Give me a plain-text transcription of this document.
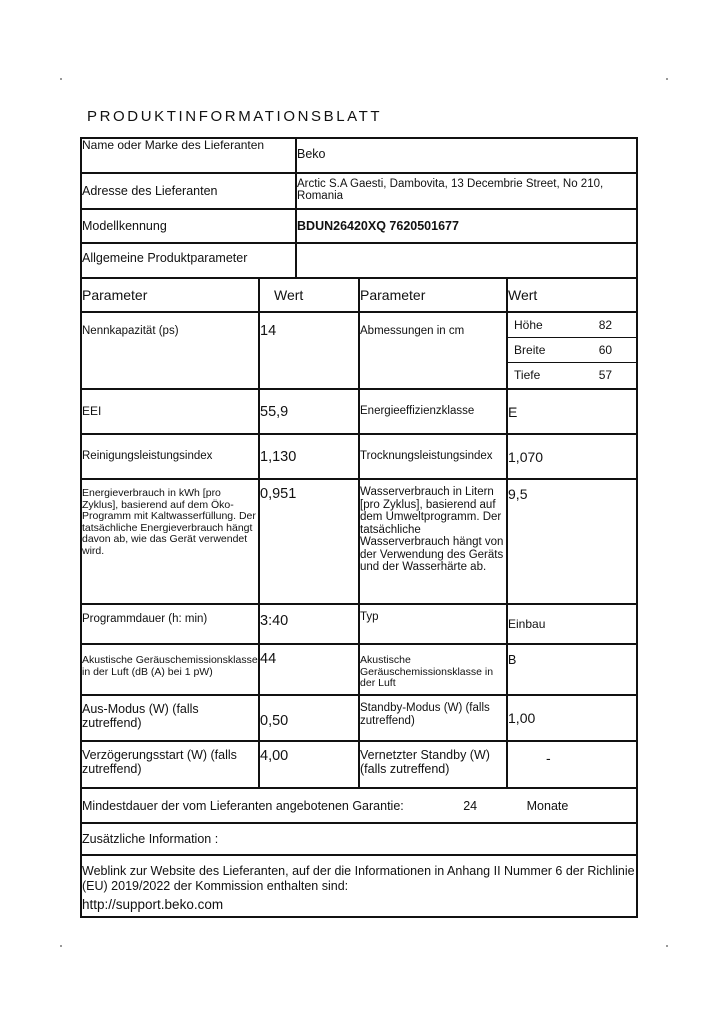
PRODUKTINFORMATIONSBLATT
Name oder Marke des Lieferanten	Beko
Adresse des Lieferanten	Arctic S.A Gaesti, Dambovita, 13 Decembrie Street, No 210, Romania
Modellkennung	BDUN26420XQ 7620501677
Allgemeine Produktparameter	
Parameter	Wert	Parameter	Wert
Nennkapazität (ps)	14	Abmessungen in cm		Höhe	82
Breite	60
Tiefe	57

EEI	55,9	Energieeffizienzklasse	E
Reinigungsleistungsindex	1,130	Trocknungsleistungsindex	1,070
Energieverbrauch in kWh [pro Zyklus], basierend auf dem Öko-Programm mit Kaltwasserfüllung. Der tatsächliche Energieverbrauch hängt davon ab, wie das Gerät verwendet wird.	0,951	Wasserverbrauch in Litern [pro Zyklus], basierend auf dem Umweltprogramm. Der tatsächliche Wasserverbrauch hängt von der Verwendung des Geräts und der Wasserhärte ab.	9,5
Programmdauer (h: min)	3:40	Typ	Einbau
Akustische Geräuschemissionsklasse in der Luft (dB (A) bei 1 pW)	44	Akustische Geräuschemissionsklasse in der Luft	B
Aus-Modus (W) (falls zutreffend)	0,50	Standby-Modus (W) (falls zutreffend)	1,00
Verzögerungsstart (W) (falls zutreffend)	4,00	Vernetzter Standby (W) (falls zutreffend)	-
Mindestdauer der vom Lieferanten angebotenen Garantie:	24	Monate
Zusätzliche Information :
Weblink zur Website des Lieferanten, auf der die Informationen in Anhang II Nummer 6 der Richlinie (EU) 2019/2022 der Kommission enthalten sind:
http://support.beko.com
